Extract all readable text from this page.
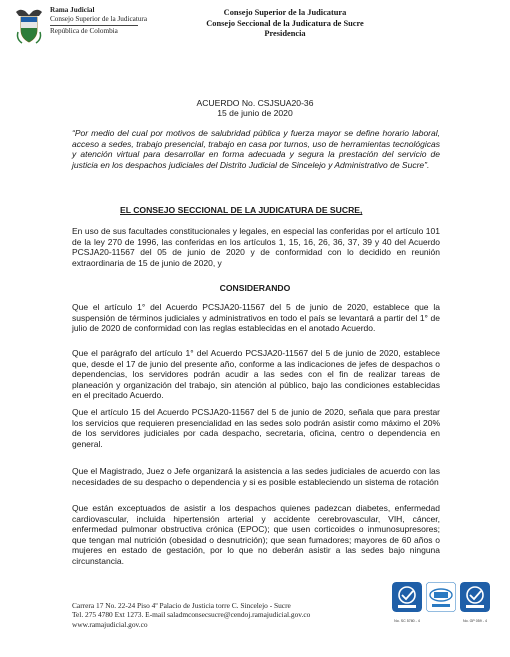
Rama Judicial
Consejo Superior de la Judicatura
República de Colombia
Consejo Superior de la Judicatura
Consejo Seccional de la Judicatura de Sucre
Presidencia
ACUERDO No. CSJSUA20-36
15 de junio de 2020
“Por medio del cual por motivos de salubridad pública y fuerza mayor se define horario laboral, acceso a sedes, trabajo presencial, trabajo en casa por turnos, uso de herramientas tecnológicas y atención virtual para desarrollar en forma adecuada y segura la prestación del servicio de justicia en los despachos judiciales del Distrito Judicial de Sincelejo y Administrativo de Sucre”.
EL CONSEJO SECCIONAL DE LA JUDICATURA DE SUCRE,
En uso de sus facultades constitucionales y legales, en especial las conferidas por el artículo 101 de la ley 270 de 1996, las conferidas en los artículos 1, 15, 16, 26, 36, 37, 39 y 40 del Acuerdo PCSJA20-11567 del 05 de junio de 2020 y de conformidad con lo decidido en reunión extraordinaria de 15 de junio de 2020, y
CONSIDERANDO
Que el artículo 1° del Acuerdo PCSJA20-11567 del 5 de junio de 2020, establece que la suspensión de términos judiciales y administrativos en todo el país se levantará a partir del 1° de julio de 2020 de conformidad con las reglas establecidas en el anotado Acuerdo.
Que el parágrafo del artículo 1° del Acuerdo PCSJA20-11567 del 5 de junio de 2020, establece que, desde el 17 de junio del presente año, conforme a las indicaciones de jefes de despachos o dependencias, los servidores podrán acudir a las sedes con el fin de realizar tareas de planeación y organización del trabajo, sin atención al público, bajo las condiciones establecidas en el precitado Acuerdo.
Que el artículo 15 del Acuerdo PCSJA20-11567 del 5 de junio de 2020, señala que para prestar los servicios que requieren presencialidad en las sedes solo podrán asistir como máximo el 20% de los servidores judiciales por cada despacho, secretaria, oficina, centro o dependencia en general.
Que el Magistrado, Juez o Jefe organizará la asistencia a las sedes judiciales de acuerdo con las necesidades de su despacho o dependencia y si es posible estableciendo un sistema de rotación
Que están exceptuados de asistir a los despachos quienes padezcan diabetes, enfermedad cardiovascular, incluida hipertensión arterial y accidente cerebrovascular, VIH, cáncer, enfermedad pulmonar obstructiva crónica (EPOC); que usen corticoides o inmunosupresores; que tengan mal nutrición (obesidad o desnutrición); que sean fumadores; mayores de 60 años o mujeres en estado de gestación, por lo que no deberán asistir a las sedes bajo ninguna circunstancia.
Carrera 17 No. 22-24 Piso 4º Palacio de Justicia torre C. Sincelejo - Sucre
Tel. 275 4780 Ext 1273. E-mail saladmconsecsucre@cendoj.ramajudicial.gov.co
www.ramajudicial.gov.co	No. SC 5780 - 4	No. GP 059 - 4
